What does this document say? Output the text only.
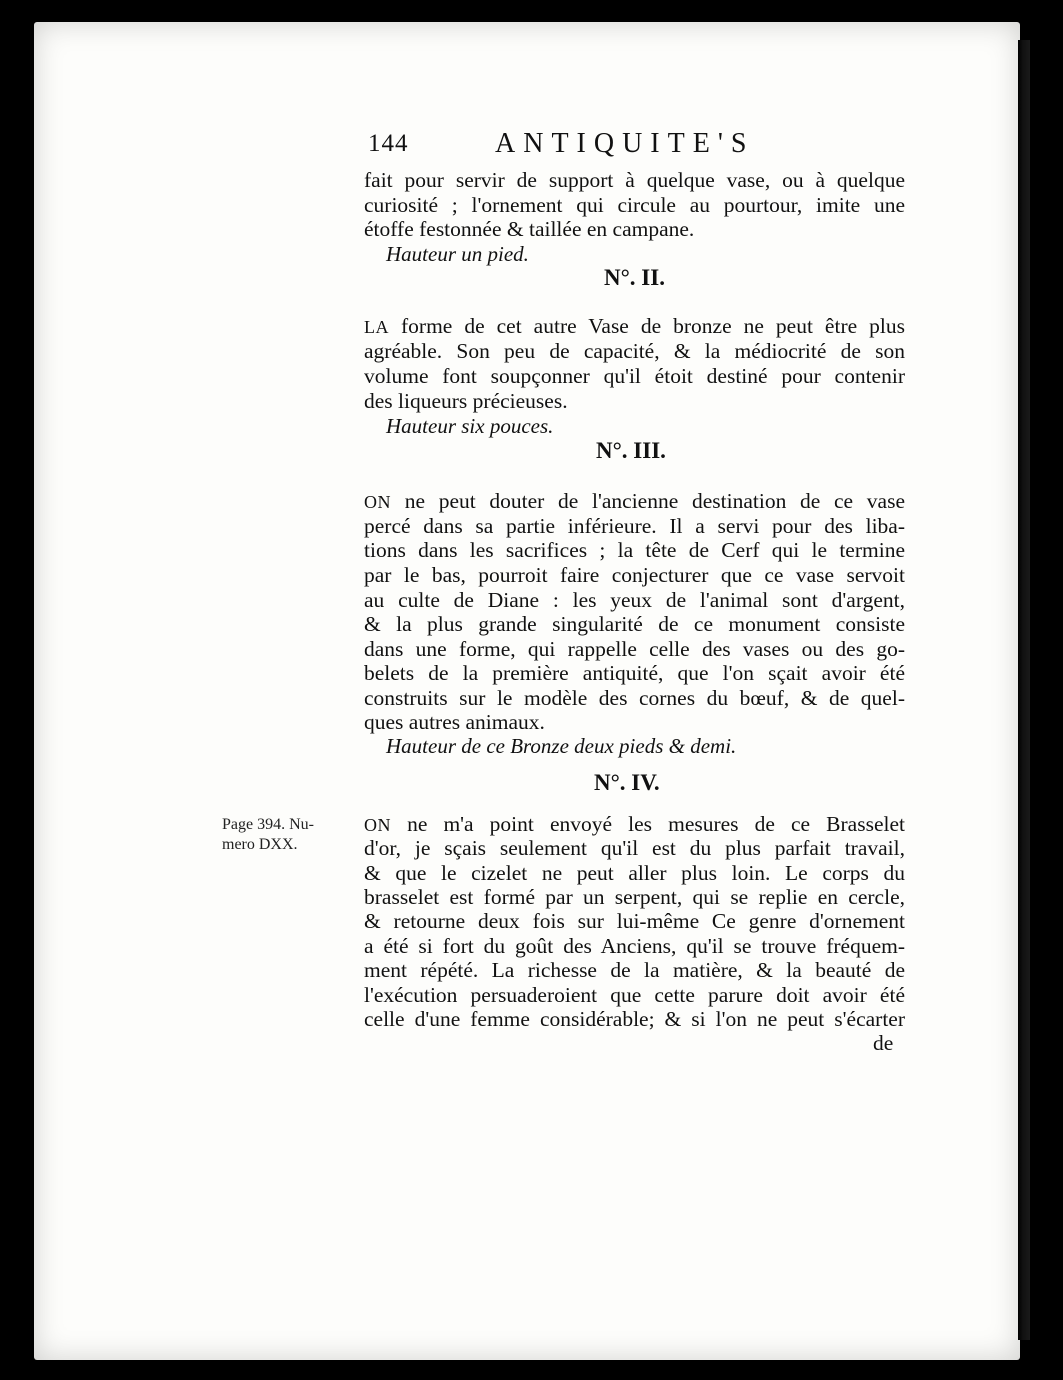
144	ANTIQUITE'S
fait pour servir de support à quelque vase, ou à quelque
curiosité ; l'ornement qui circule au pourtour, imite une
étoffe festonnée & taillée en campane.
Hauteur un pied.
N°. II.
LA forme de cet autre Vase de bronze ne peut être plus
agréable. Son peu de capacité, & la médiocrité de son
volume font soupçonner qu'il étoit destiné pour contenir
des liqueurs précieuses.
Hauteur six pouces.
N°. III.
ON ne peut douter de l'ancienne destination de ce vase
percé dans sa partie inférieure. Il a servi pour des liba-
tions dans les sacrifices ; la tête de Cerf qui le termine
par le bas, pourroit faire conjecturer que ce vase servoit
au culte de Diane : les yeux de l'animal sont d'argent,
& la plus grande singularité de ce monument consiste
dans une forme, qui rappelle celle des vases ou des go-
belets de la première antiquité, que l'on sçait avoir été
construits sur le modèle des cornes du bœuf, & de quel-
ques autres animaux.
Hauteur de ce Bronze deux pieds & demi.
N°. IV.
Page 394. Nu-
mero DXX.
ON ne m'a point envoyé les mesures de ce Brasselet
d'or, je sçais seulement qu'il est du plus parfait travail,
& que le cizelet ne peut aller plus loin. Le corps du
brasselet est formé par un serpent, qui se replie en cercle,
& retourne deux fois sur lui-même Ce genre d'ornement
a été si fort du goût des Anciens, qu'il se trouve fréquem-
ment répété. La richesse de la matière, & la beauté de
l'exécution persuaderoient que cette parure doit avoir été
celle d'une femme considérable; & si l'on ne peut s'écarter
de
